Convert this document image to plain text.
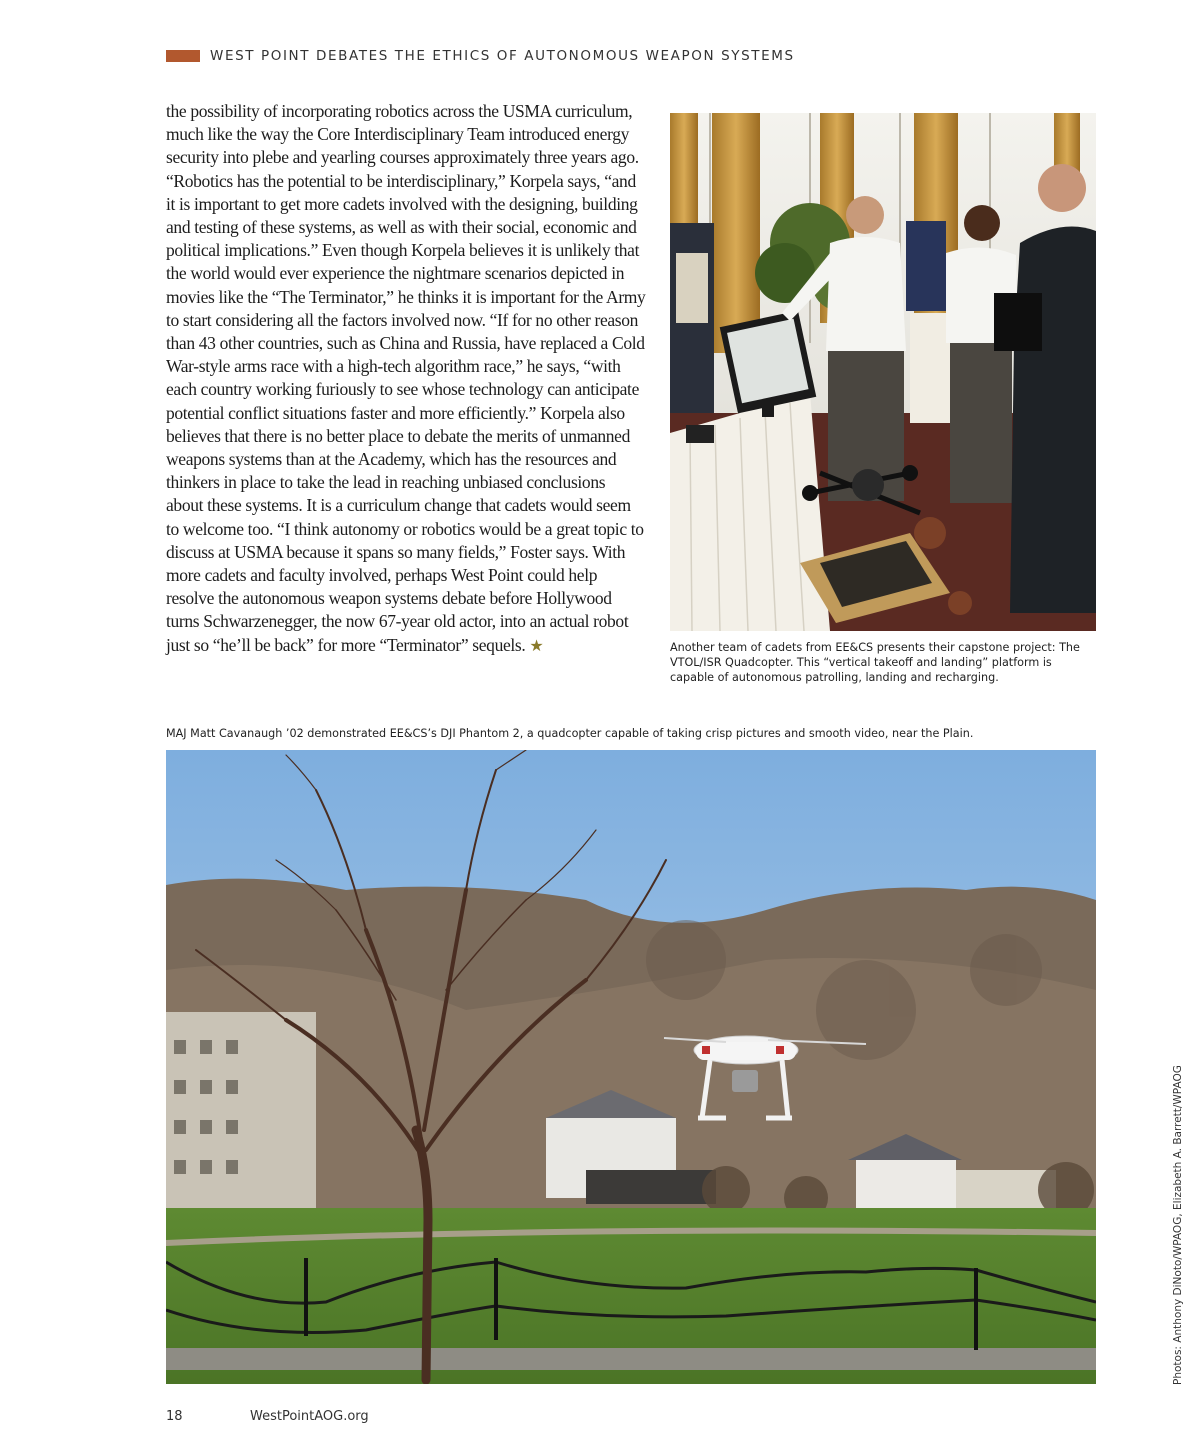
WEST POINT DEBATES THE ETHICS OF AUTONOMOUS WEAPON SYSTEMS

the possibility of incorporating robotics across the USMA curriculum, much like the way the Core Interdisciplinary Team introduced energy security into plebe and yearling courses approximately three years ago. “Robotics has the potential to be interdisciplinary,” Korpela says, “and it is important to get more cadets involved with the designing, building and testing of these systems, as well as with their social, economic and political implications.” Even though Korpela believes it is unlikely that the world would ever experience the nightmare scenarios depicted in movies like the “The Terminator,” he thinks it is important for the Army to start considering all the factors involved now. “If for no other reason than 43 other countries, such as China and Russia, have replaced a Cold War-style arms race with a high-tech algorithm race,” he says, “with each country working furiously to see whose technology can anticipate potential conflict situations faster and more efficiently.” Korpela also believes that there is no better place to debate the merits of unmanned weapons systems than at the Academy, which has the resources and thinkers in place to take the lead in reaching unbiased conclusions about these systems. It is a curriculum change that cadets would seem to welcome too. “I think autonomy or robotics would be a great topic to discuss at USMA because it spans so many fields,” Foster says. With more cadets and faculty involved, perhaps West Point could help resolve the autonomous weapon systems debate before Hollywood turns Schwarzenegger, the now 67-year old actor, into an actual robot just so “he’ll be back” for more “Terminator” sequels. ★	Another team of cadets from EE&CS presents their capstone project: The VTOL/ISR Quadcopter. This “vertical takeoff and landing” platform is capable of autonomous patrolling, landing and recharging.
MAJ Matt Cavanaugh ’02 demonstrated EE&CS’s DJI Phantom 2, a quadcopter capable of taking crisp pictures and smooth video, near the Plain.
Photos: Anthony DiNoto/WPAOG, Elizabeth A. Barrett/WPAOG
18	WestPointAOG.org
